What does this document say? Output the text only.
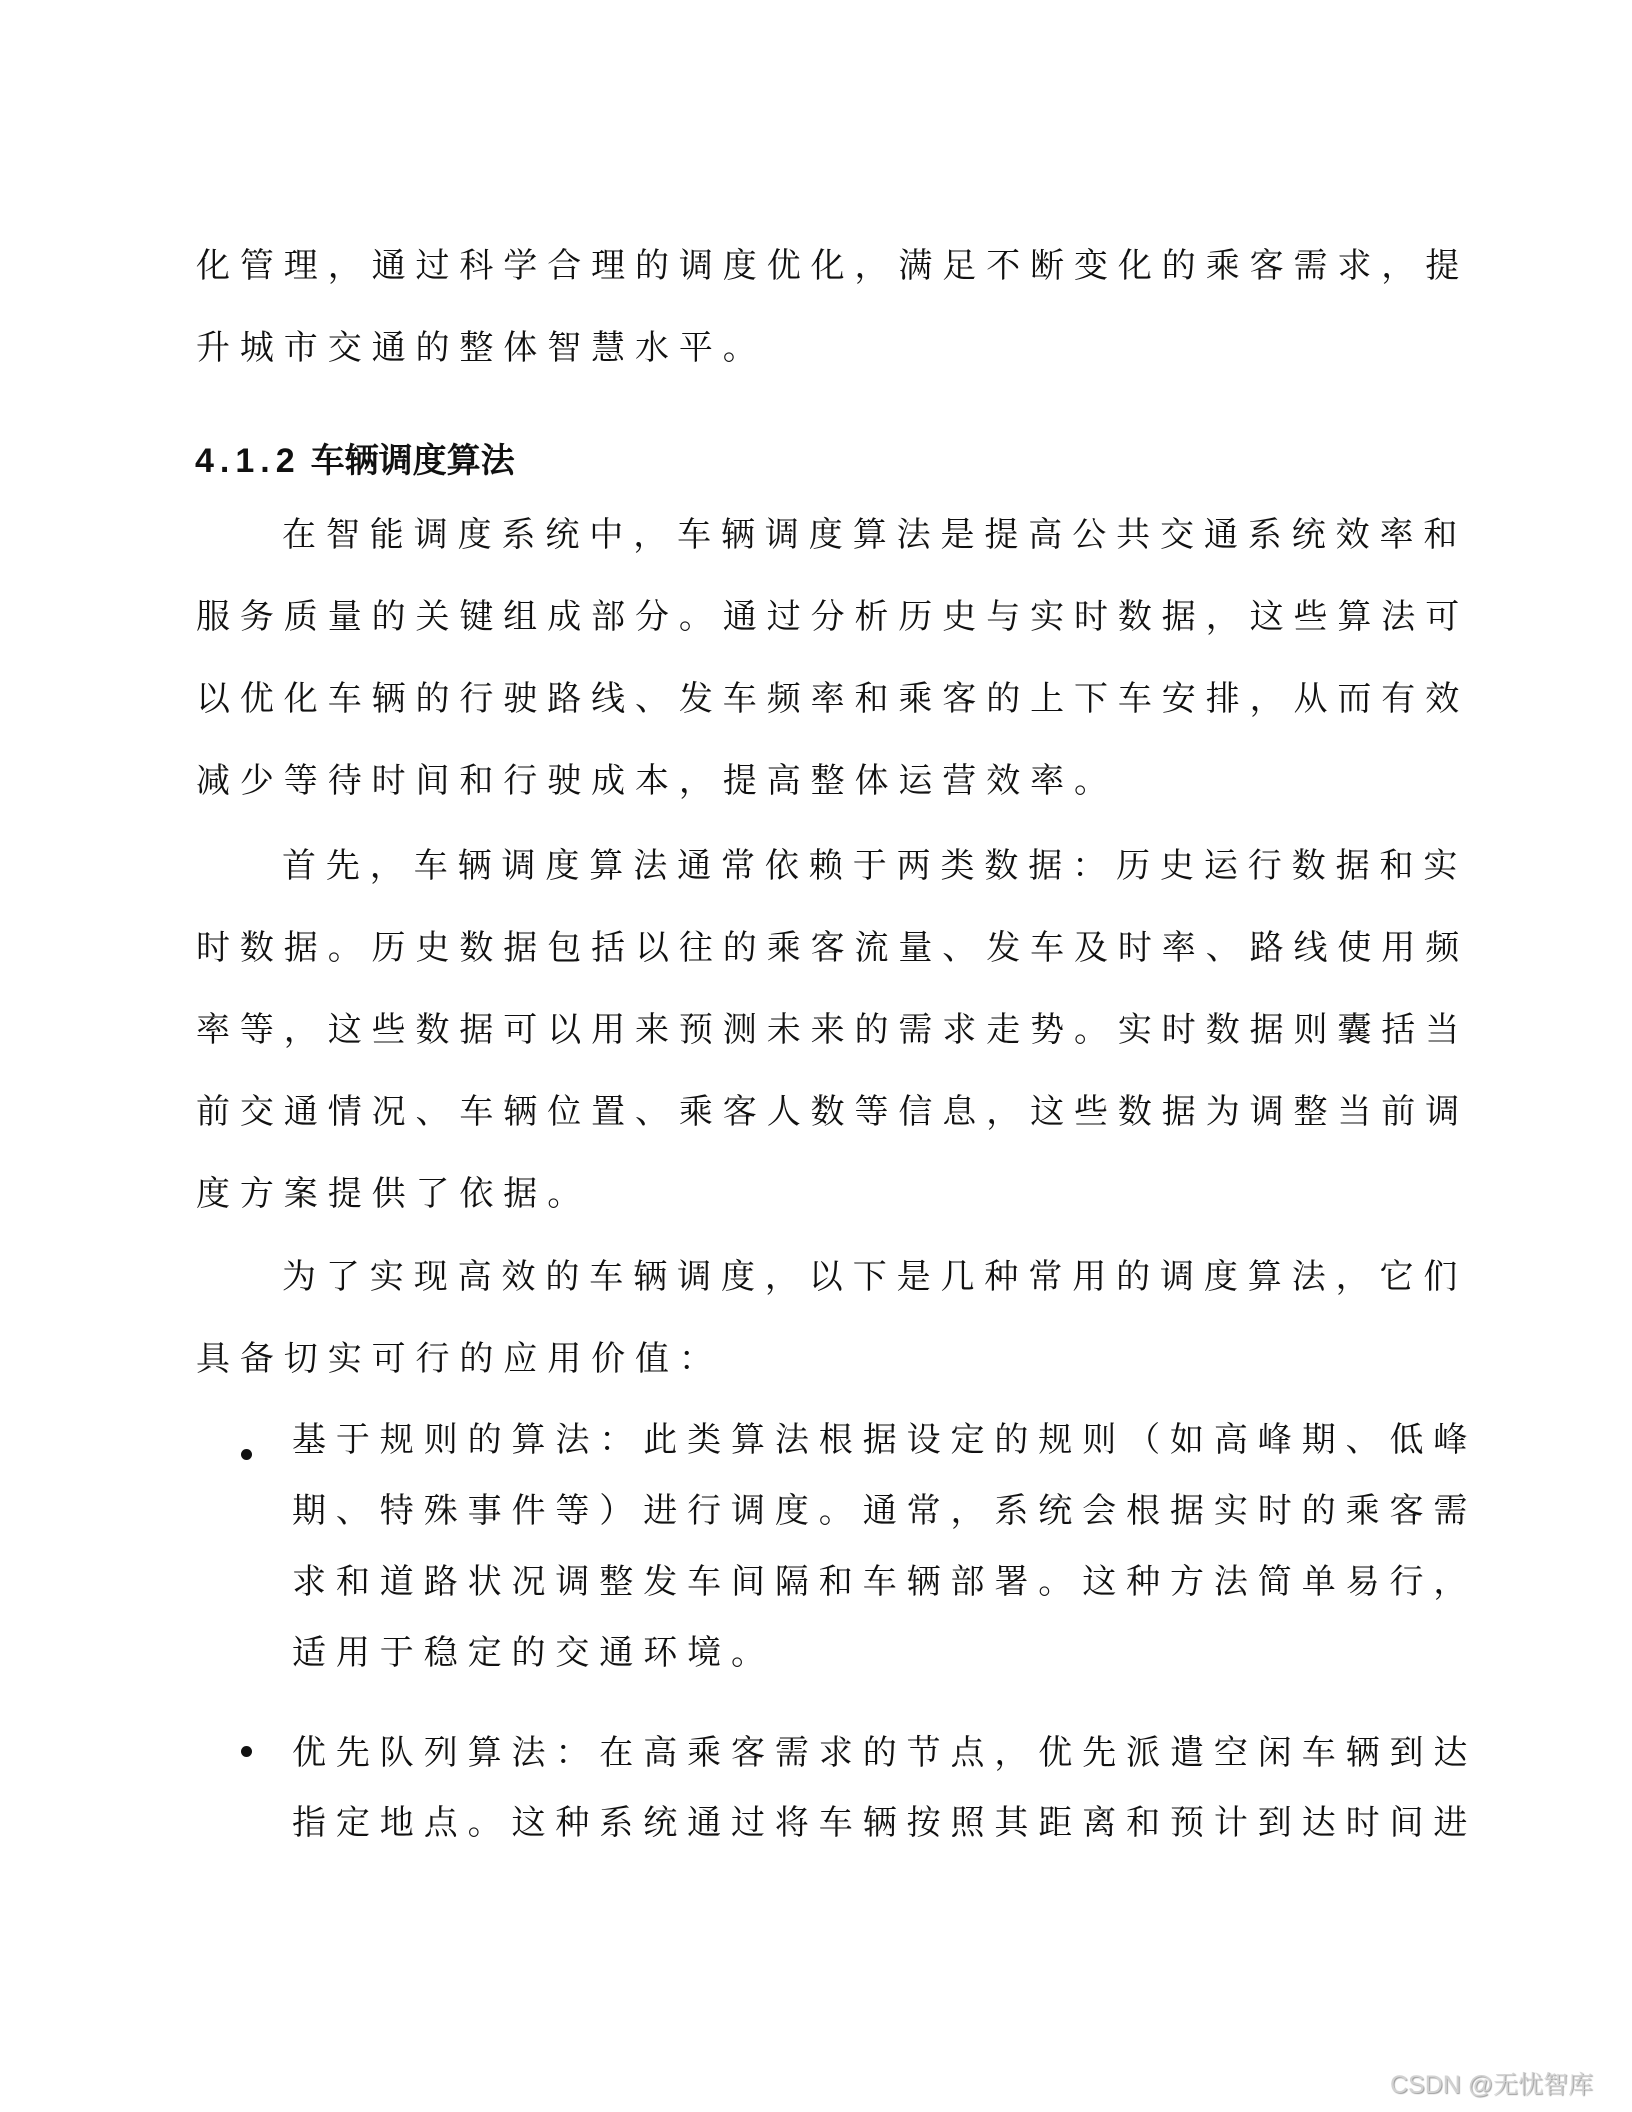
化管理，通过科学合理的调度优化，满足不断变化的乘客需求，提
升城市交通的整体智慧水平。
4.1.2 车辆调度算法
在智能调度系统中，车辆调度算法是提高公共交通系统效率和
服务质量的关键组成部分。通过分析历史与实时数据，这些算法可
以优化车辆的行驶路线、发车频率和乘客的上下车安排，从而有效
减少等待时间和行驶成本，提高整体运营效率。
首先，车辆调度算法通常依赖于两类数据：历史运行数据和实
时数据。历史数据包括以往的乘客流量、发车及时率、路线使用频
率等，这些数据可以用来预测未来的需求走势。实时数据则囊括当
前交通情况、车辆位置、乘客人数等信息，这些数据为调整当前调
度方案提供了依据。
为了实现高效的车辆调度，以下是几种常用的调度算法，它们
具备切实可行的应用价值：
基于规则的算法：此类算法根据设定的规则（如高峰期、低峰
期、特殊事件等）进行调度。通常，系统会根据实时的乘客需
求和道路状况调整发车间隔和车辆部署。这种方法简单易行，
适用于稳定的交通环境。
优先队列算法：在高乘客需求的节点，优先派遣空闲车辆到达
指定地点。这种系统通过将车辆按照其距离和预计到达时间进
CSDN @无忧智库
